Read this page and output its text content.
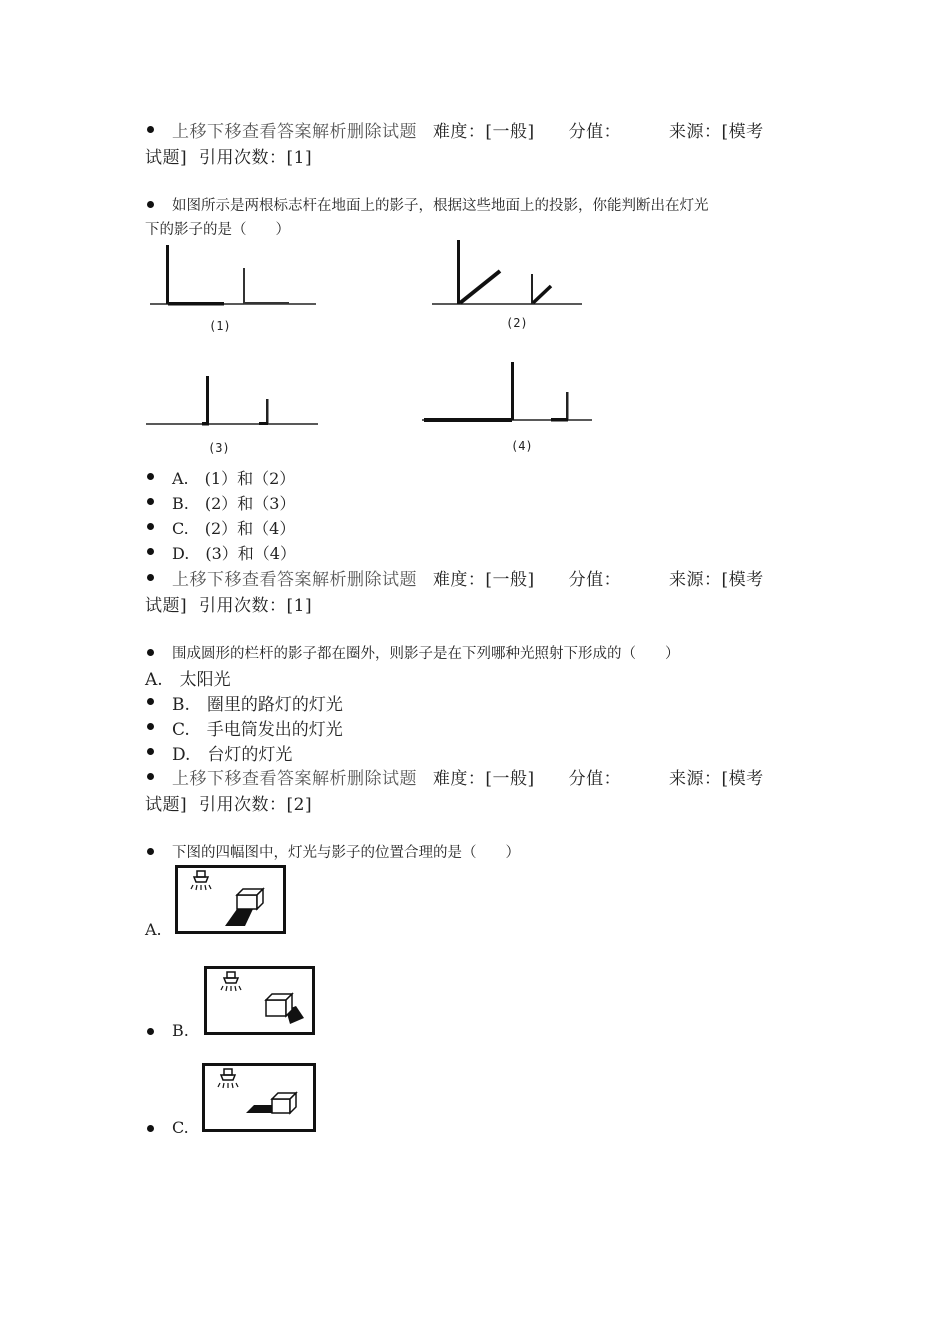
上移下移查看答案解析删除试题 难度：[一般] 分值：	来源：[模考
试题] 引用次数：[1]
如图所示是两根标志杆在地面上的影子，根据这些地面上的投影，你能判断出在灯光
下的影子的是（　　）
(1)	(2)
(3)	(4)
A.　(1）和（2）
B.　(2）和（3）
C.　(2）和（4）
D.　(3）和（4）
上移下移查看答案解析删除试题 难度：[一般] 分值：	来源：[模考
试题] 引用次数：[1]
围成圆形的栏杆的影子都在圈外，则影子是在下列哪种光照射下形成的（　　）
A.　太阳光
B.　圈里的路灯的灯光
C.　手电筒发出的灯光
D.　台灯的灯光
上移下移查看答案解析删除试题 难度：[一般] 分值：	来源：[模考
试题] 引用次数：[2]
下图的四幅图中，灯光与影子的位置合理的是（　　）
A.
B.
C.
